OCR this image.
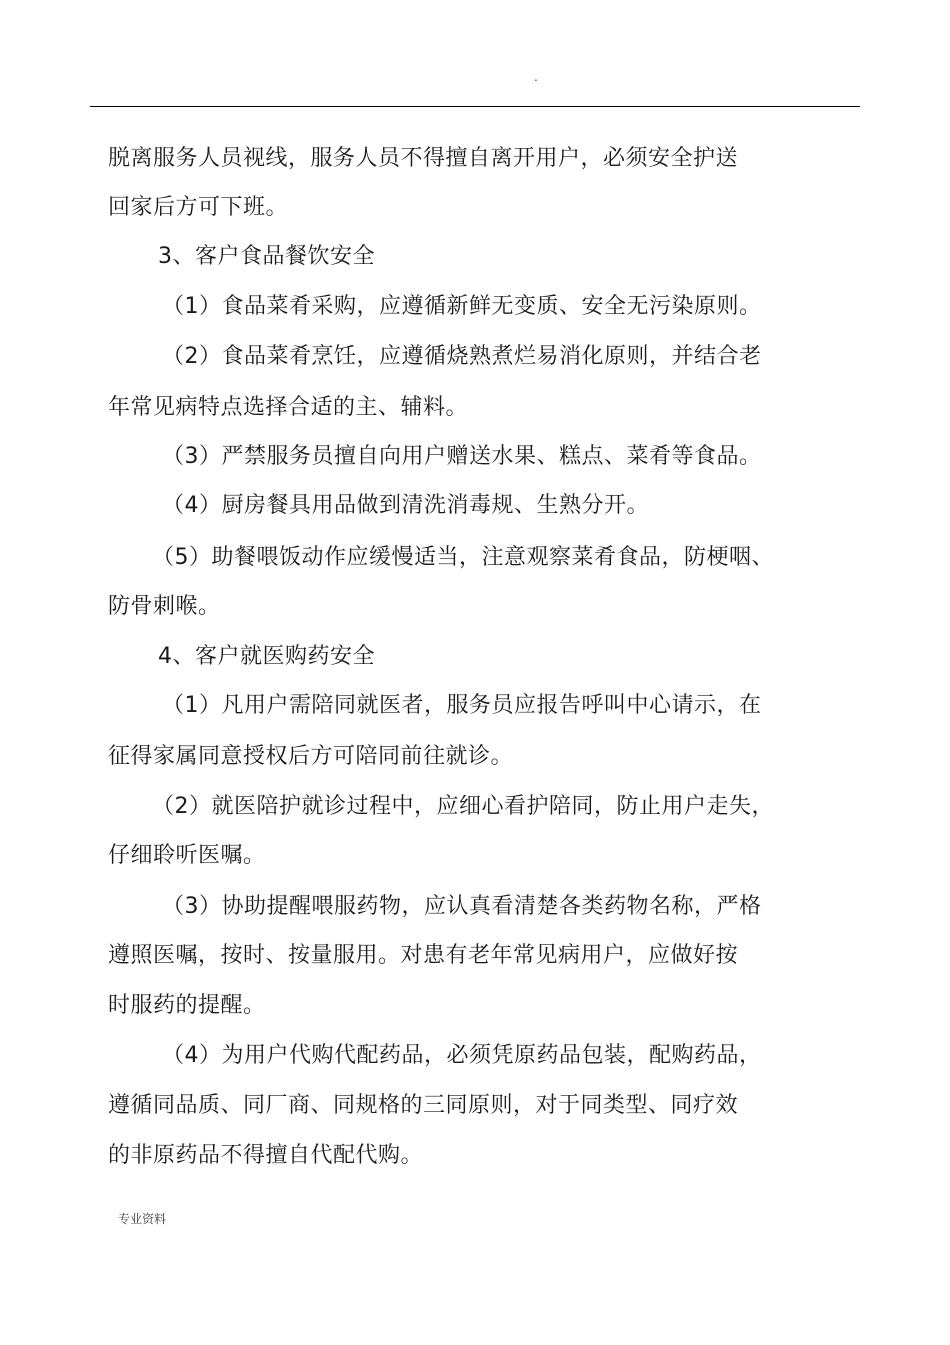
.
脱离服务人员视线，服务人员不得擅自离开用户，必须安全护送
回家后方可下班。
3、客户食品餐饮安全
（1）食品菜肴采购，应遵循新鲜无变质、安全无污染原则。
（2）食品菜肴烹饪，应遵循烧熟煮烂易消化原则，并结合老
年常见病特点选择合适的主、辅料。
（3）严禁服务员擅自向用户赠送水果、糕点、菜肴等食品。
（4）厨房餐具用品做到清洗消毒规、生熟分开。
（5）助餐喂饭动作应缓慢适当，注意观察菜肴食品，防梗咽、
防骨刺喉。
4、客户就医购药安全
（1）凡用户需陪同就医者，服务员应报告呼叫中心请示，在
征得家属同意授权后方可陪同前往就诊。
（2）就医陪护就诊过程中，应细心看护陪同，防止用户走失，
仔细聆听医嘱。
（3）协助提醒喂服药物，应认真看清楚各类药物名称，严格
遵照医嘱，按时、按量服用。对患有老年常见病用户，应做好按
时服药的提醒。
（4）为用户代购代配药品，必须凭原药品包装，配购药品，
遵循同品质、同厂商、同规格的三同原则，对于同类型、同疗效
的非原药品不得擅自代配代购。
专业资料
